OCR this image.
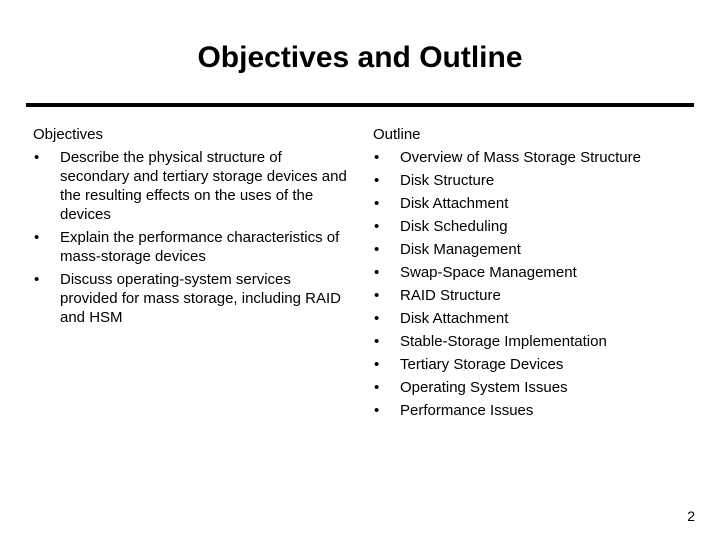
Objectives and Outline
Objectives
•	Describe the physical structure of secondary and tertiary storage devices and the resulting effects on the uses of the devices
•	Explain the performance characteristics of mass-storage devices
•	Discuss operating-system services provided for mass storage, including RAID and HSM
Outline
•	Overview of Mass Storage Structure
•	Disk Structure
•	Disk Attachment
•	Disk Scheduling
•	Disk Management
•	Swap-Space Management
•	RAID Structure
•	Disk Attachment
•	Stable-Storage Implementation
•	Tertiary Storage Devices
•	Operating System Issues
•	Performance Issues
2
